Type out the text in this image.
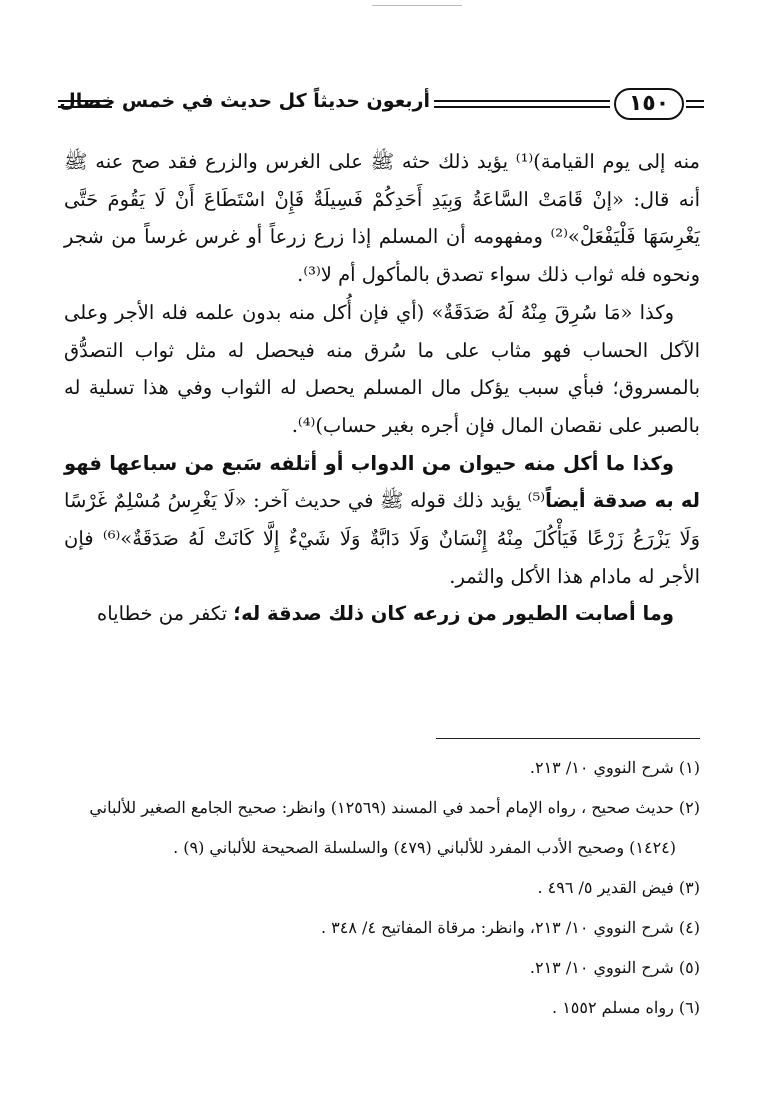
أربعون حديثاً كل حديث في خمس خصال	١٥٠

منه إلى يوم القيامة)⁽¹⁾ يؤيد ذلك حثه ﷺ على الغرس والزرع فقد صح عنه ﷺ أنه قال: «إنْ قَامَتْ السَّاعَةُ وَبِيَدِ أَحَدِكُمْ فَسِيلَةٌ فَإِنْ اسْتَطَاعَ أَنْ لَا يَقُومَ حَتَّى يَغْرِسَهَا فَلْيَفْعَلْ»⁽²⁾ ومفهومه أن المسلم إذا زرع زرعاً أو غرس غرساً من شجر ونحوه فله ثواب ذلك سواء تصدق بالمأكول أم لا⁽³⁾.

وكذا «مَا سُرِقَ مِنْهُ لَهُ صَدَقَةٌ» (أي فإن أُكل منه بدون علمه فله الأجر وعلى الآكل الحساب فهو مثاب على ما سُرق منه فيحصل له مثل ثواب التصدُّق بالمسروق؛ فبأي سبب يؤكل مال المسلم يحصل له الثواب وفي هذا تسلية له بالصبر على نقصان المال فإن أجره بغير حساب)⁽⁴⁾.

وكذا ما أكل منه حيوان من الدواب أو أتلفه سَبع من سباعها فهو له به صدقة أيضاً⁽⁵⁾ يؤيد ذلك قوله ﷺ في حديث آخر: «لَا يَغْرِسُ مُسْلِمٌ غَرْسًا وَلَا يَزْرَعُ زَرْعًا فَيَأْكُلَ مِنْهُ إِنْسَانٌ وَلَا دَابَّةٌ وَلَا شَيْءٌ إِلَّا كَانَتْ لَهُ صَدَقَةٌ»⁽⁶⁾ فإن الأجر له مادام هذا الأكل والثمر.

وما أصابت الطيور من زرعه كان ذلك صدقة له؛ تكفر من خطاياه

(١) شرح النووي ١٠/ ٢١٣.

(٢) حديث صحيح ، رواه الإمام أحمد في المسند (١٢٥٦٩) وانظر: صحيح الجامع الصغير للألباني

(١٤٢٤) وصحيح الأدب المفرد للألباني (٤٧٩) والسلسلة الصحيحة للألباني (٩) .

(٣) فيض القدير ٥/ ٤٩٦ .

(٤) شرح النووي ١٠/ ٢١٣، وانظر: مرقاة المفاتيح ٤/ ٣٤٨ .

(٥) شرح النووي ١٠/ ٢١٣.

(٦) رواه مسلم ١٥٥٢ .
